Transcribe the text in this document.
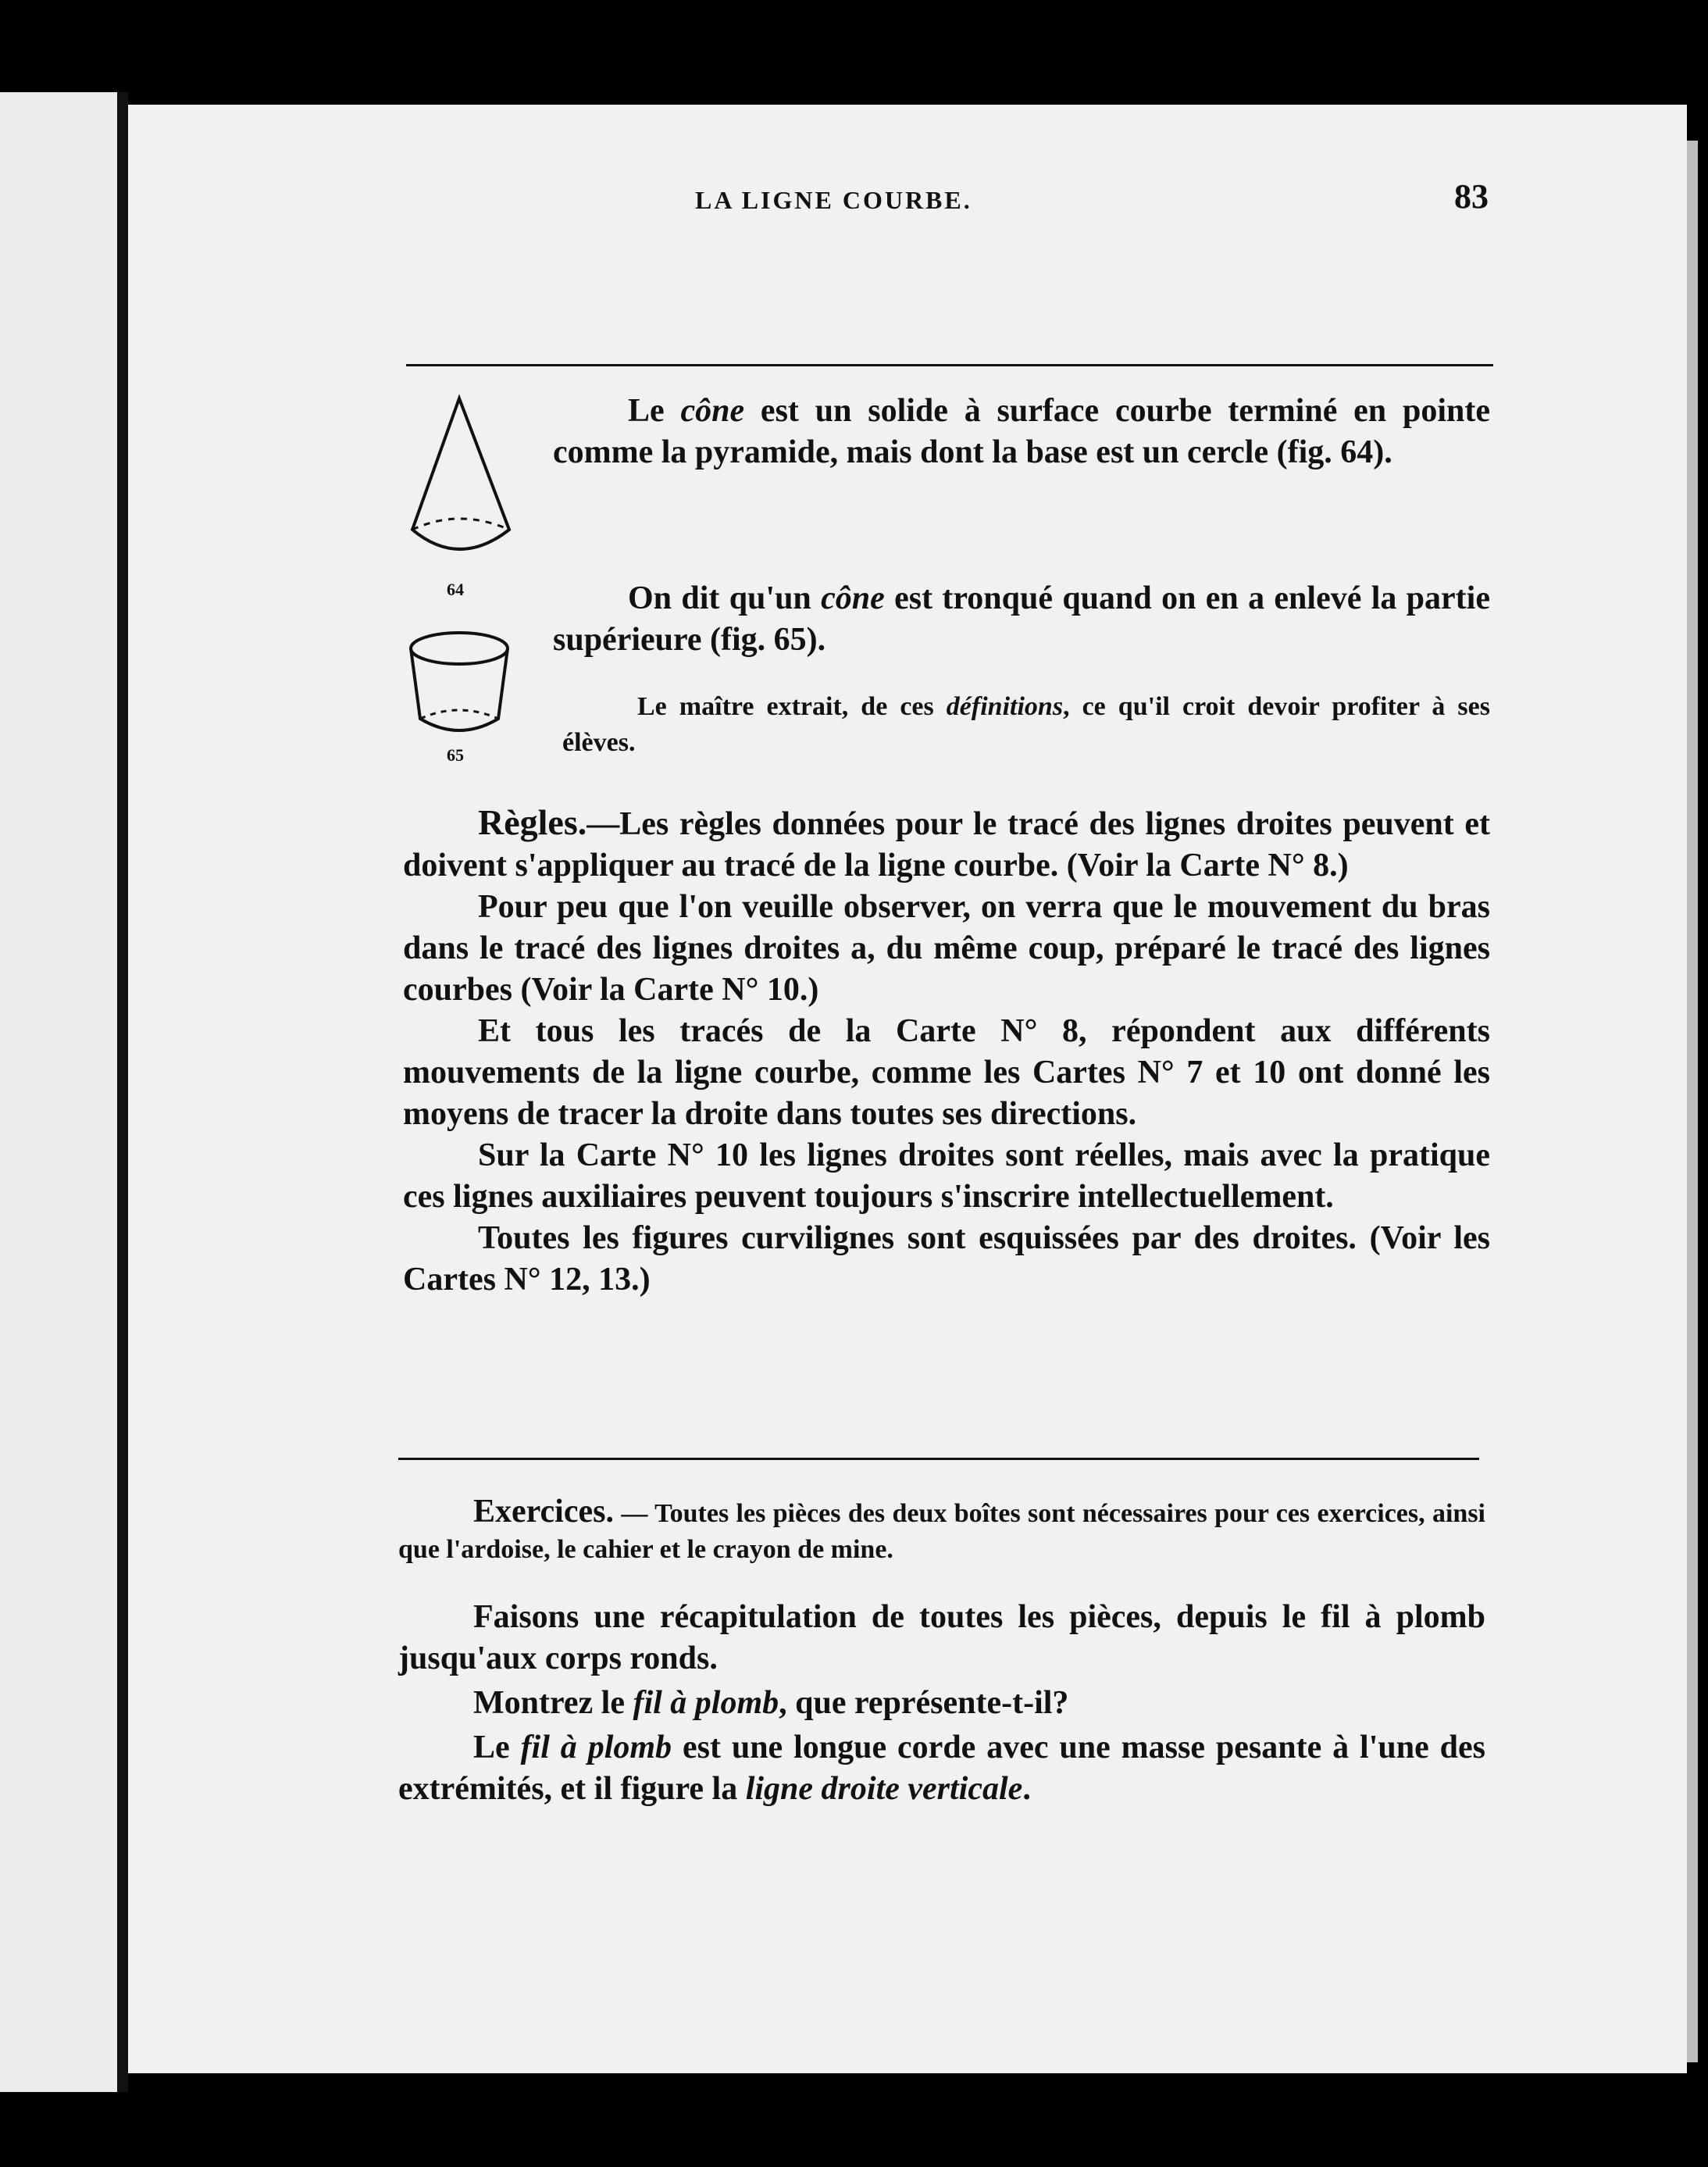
LA LIGNE COURBE.	83
64
65

Le cône est un solide à surface courbe terminé en pointe comme la pyramide, mais dont la base est un cercle (fig. 64).

On dit qu'un cône est tronqué quand on en a enlevé la partie supérieure (fig. 65).

Le maître extrait, de ces définitions, ce qu'il croit devoir profiter à ses élèves.

Règles.—Les règles données pour le tracé des lignes droites peuvent et doivent s'appliquer au tracé de la ligne courbe. (Voir la Carte N° 8.)

Pour peu que l'on veuille observer, on verra que le mouvement du bras dans le tracé des lignes droites a, du même coup, préparé le tracé des lignes courbes (Voir la Carte N° 10.)

Et tous les tracés de la Carte N° 8, répondent aux différents mouvements de la ligne courbe, comme les Cartes N° 7 et 10 ont donné les moyens de tracer la droite dans toutes ses directions.

Sur la Carte N° 10 les lignes droites sont réelles, mais avec la pratique ces lignes auxiliaires peuvent toujours s'inscrire intellectuellement.

Toutes les figures curvilignes sont esquissées par des droites. (Voir les Cartes N° 12, 13.)

Exercices. — Toutes les pièces des deux boîtes sont nécessaires pour ces exercices, ainsi que l'ardoise, le cahier et le crayon de mine.

Faisons une récapitulation de toutes les pièces, depuis le fil à plomb jusqu'aux corps ronds.

Montrez le fil à plomb, que représente-t-il?

Le fil à plomb est une longue corde avec une masse pesante à l'une des extrémités, et il figure la ligne droite verticale.
